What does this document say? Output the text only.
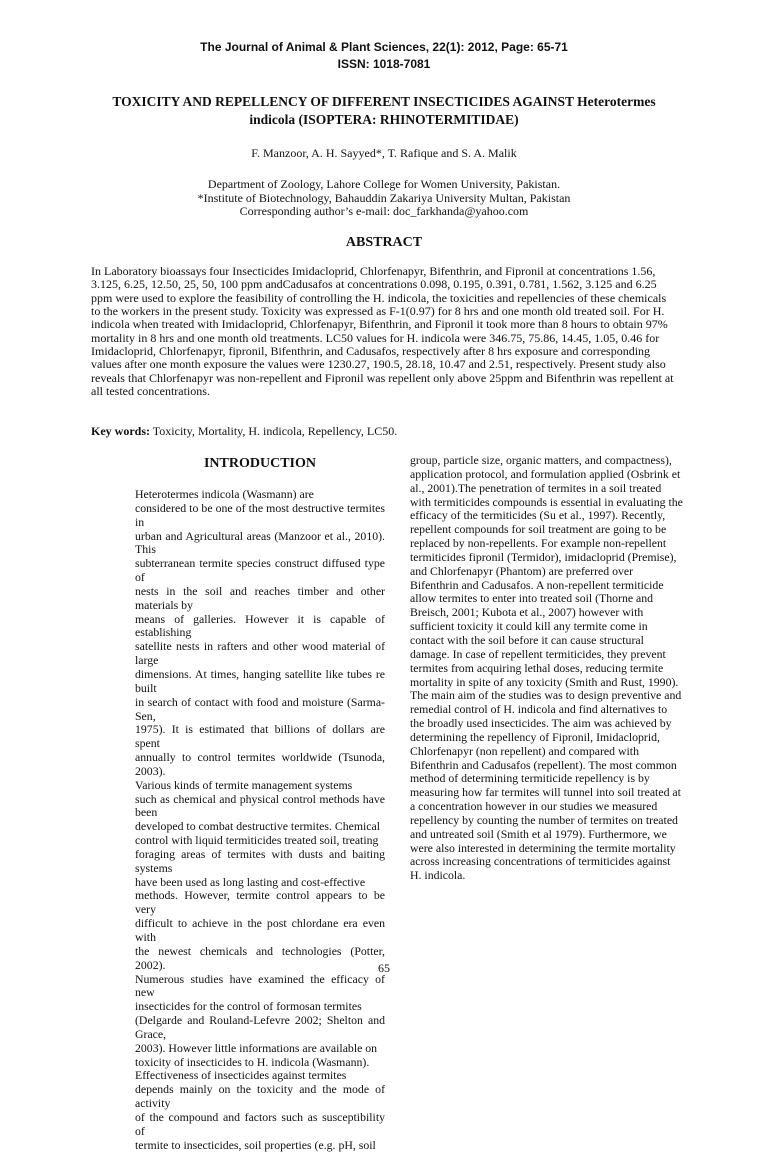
The Journal of Animal & Plant Sciences, 22(1): 2012, Page: 65-71
ISSN: 1018-7081
TOXICITY AND REPELLENCY OF DIFFERENT INSECTICIDES AGAINST Heterotermes
indicola (ISOPTERA: RHINOTERMITIDAE)
F. Manzoor, A. H. Sayyed*, T. Rafique and S. A. Malik
Department of Zoology, Lahore College for Women University, Pakistan.
*Institute of Biotechnology, Bahauddin Zakariya University Multan, Pakistan
Corresponding author’s e-mail: doc_farkhanda@yahoo.com
ABSTRACT
In Laboratory bioassays four Insecticides Imidacloprid, Chlorfenapyr, Bifenthrin, and Fipronil at concentrations 1.56,
3.125, 6.25, 12.50, 25, 50, 100 ppm andCadusafos at concentrations 0.098, 0.195, 0.391, 0.781, 1.562, 3.125 and 6.25
ppm were used to explore the feasibility of controlling the H. indicola, the toxicities and repellencies of these chemicals
to the workers in the present study. Toxicity was expressed as F-1(0.97) for 8 hrs and one month old treated soil. For H.
indicola when treated with Imidacloprid, Chlorfenapyr, Bifenthrin, and Fipronil it took more than 8 hours to obtain 97%
mortality in 8 hrs and one month old treatments. LC50 values for H. indicola were 346.75, 75.86, 14.45, 1.05, 0.46 for
Imidacloprid, Chlorfenapyr, fipronil, Bifenthrin, and Cadusafos, respectively after 8 hrs exposure and corresponding
values after one month exposure the values were 1230.27, 190.5, 28.18, 10.47 and 2.51, respectively. Present study also
reveals that Chlorfenapyr was non-repellent and Fipronil was repellent only above 25ppm and Bifenthrin was repellent at
all tested concentrations.
Key words: Toxicity, Mortality, H. indicola, Repellency, LC50.
INTRODUCTION
Heterotermes indicola (Wasmann) are
considered to be one of the most destructive termites in
urban and Agricultural areas (Manzoor et al., 2010). This
subterranean termite species construct diffused type of
nests in the soil and reaches timber and other materials by
means of galleries. However it is capable of establishing
satellite nests in rafters and other wood material of large
dimensions. At times, hanging satellite like tubes re built
in search of contact with food and moisture (Sarma-Sen,
1975). It is estimated that billions of dollars are spent
annually to control termites worldwide (Tsunoda, 2003).
Various kinds of termite management systems
such as chemical and physical control methods have been
developed to combat destructive termites. Chemical
control with liquid termiticides treated soil, treating
foraging areas of termites with dusts and baiting systems
have been used as long lasting and cost-effective
methods. However, termite control appears to be very
difficult to achieve in the post chlordane era even with
the newest chemicals and technologies (Potter, 2002).
Numerous studies have examined the efficacy of new
insecticides for the control of formosan termites
(Delgarde and Rouland-Lefevre 2002; Shelton and Grace,
2003). However little informations are available on
toxicity of insecticides to H. indicola (Wasmann).
Effectiveness of insecticides against termites
depends mainly on the toxicity and the mode of activity
of the compound and factors such as susceptibility of
termite to insecticides, soil properties (e.g. pH, soil
group, particle size, organic matters, and compactness),
application protocol, and formulation applied (Osbrink et
al., 2001).The penetration of termites in a soil treated
with termiticides compounds is essential in evaluating the
efficacy of the termiticides (Su et al., 1997). Recently,
repellent compounds for soil treatment are going to be
replaced by non-repellents. For example non-repellent
termiticides fipronil (Termidor), imidacloprid (Premise),
and Chlorfenapyr (Phantom) are preferred over
Bifenthrin and Cadusafos. A non-repellent termiticide
allow termites to enter into treated soil (Thorne and
Breisch, 2001; Kubota et al., 2007) however with
sufficient toxicity it could kill any termite come in
contact with the soil before it can cause structural
damage. In case of repellent termiticides, they prevent
termites from acquiring lethal doses, reducing termite
mortality in spite of any toxicity (Smith and Rust, 1990).
The main aim of the studies was to design preventive and
remedial control of H. indicola and find alternatives to
the broadly used insecticides. The aim was achieved by
determining the repellency of Fipronil, Imidacloprid,
Chlorfenapyr (non repellent) and compared with
Bifenthrin and Cadusafos (repellent). The most common
method of determining termiticide repellency is by
measuring how far termites will tunnel into soil treated at
a concentration however in our studies we measured
repellency by counting the number of termites on treated
and untreated soil (Smith et al 1979). Furthermore, we
were also interested in determining the termite mortality
across increasing concentrations of termiticides against
H. indicola.
65
